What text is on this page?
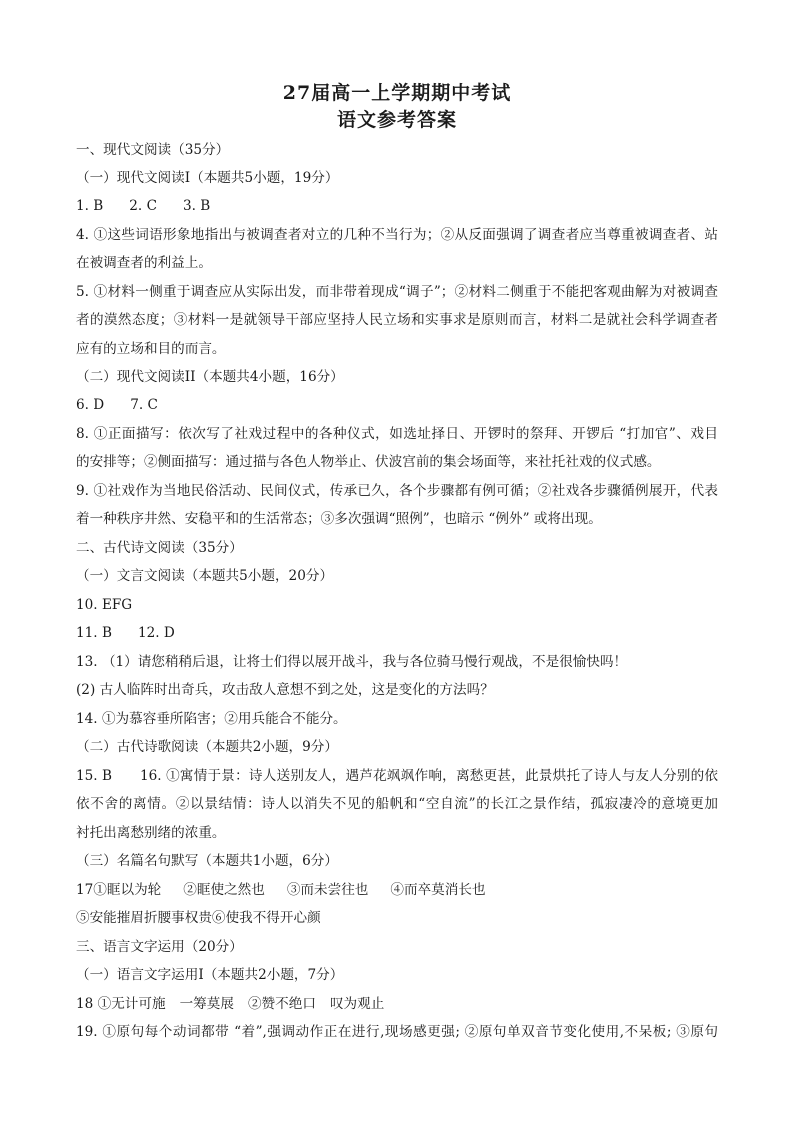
27届高一上学期期中考试
语文参考答案
一、现代文阅读（35分）
（一）现代文阅读Ⅰ（本题共5小题，19分）
1. B 2. C 3. B
4. ①这些词语形象地指出与被调查者对立的几种不当行为；②从反面强调了调查者应当尊重被调查者、站
在被调查者的利益上。
5. ①材料一侧重于调查应从实际出发，而非带着现成“调子”；②材料二侧重于不能把客观曲解为对被调查
者的漠然态度；③材料一是就领导干部应坚持人民立场和实事求是原则而言，材料二是就社会科学调查者
应有的立场和目的而言。
（二）现代文阅读II（本题共4小题，16分）
6. D 7. C
8. ①正面描写：依次写了社戏过程中的各种仪式，如选址择日、开锣时的祭拜、开锣后 “打加官”、戏目
的安排等；②侧面描写：通过描与各色人物举止、伏波宫前的集会场面等，来社托社戏的仪式感。
9. ①社戏作为当地民俗活动、民间仪式，传承已久，各个步骤都有例可循；②社戏各步骤循例展开，代表
着一种秩序井然、安稳平和的生活常态；③多次强调“照例”，也暗示 “例外” 或将出现。
二、古代诗文阅读（35分）
（一）文言文阅读（本题共5小题，20分）
10. EFG
11. B 12. D
13. （1）请您稍稍后退，让将士们得以展开战斗，我与各位骑马慢行观战，不是很愉快吗！
(2) 古人临阵时出奇兵，攻击敌人意想不到之处，这是变化的方法吗？
14. ①为慕容垂所陷害；②用兵能合不能分。
（二）古代诗歌阅读（本题共2小题，9分）
15. B 16. ①寓情于景：诗人送别友人，遇芦花飒飒作响，离愁更甚，此景烘托了诗人与友人分别的依
依不舍的离情。②以景结情：诗人以消失不见的船帆和“空自流”的长江之景作结，孤寂凄冷的意境更加
衬托出离愁别绪的浓重。
（三）名篇名句默写（本题共1小题，6分）
17①眶以为轮 ②眶使之然也 ③而未尝往也 ④而卒莫消长也
⑤安能摧眉折腰事权贵⑥使我不得开心颜
三、语言文字运用（20分）
（一）语言文字运用Ⅰ（本题共2小题，7分）
18 ①无计可施 一筹莫展 ②赞不绝口 叹为观止
19. ①原句每个动词都带 “着”,强调动作正在进行,现场感更强; ②原句单双音节变化使用,不呆板; ③原句
